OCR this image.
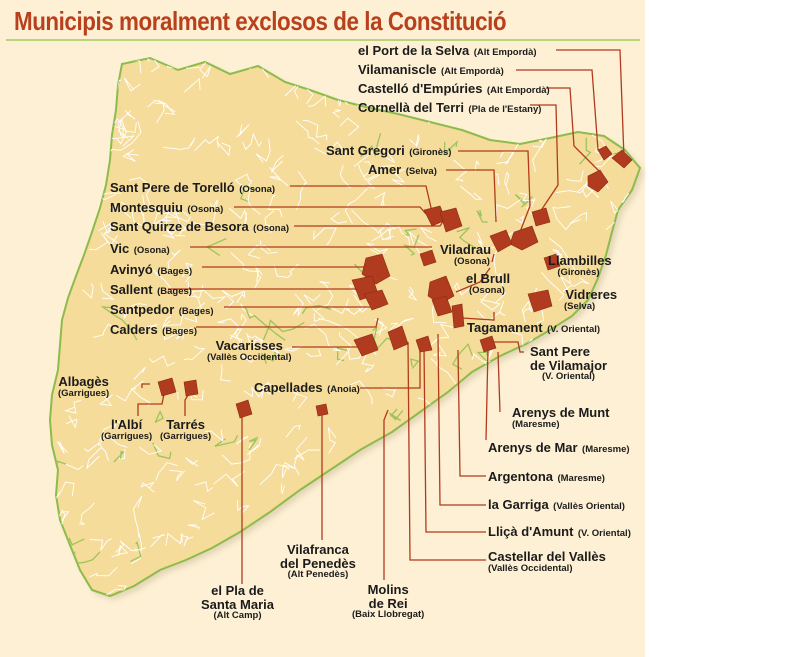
Municipis moralment exclosos de la Constitució
el Port de la Selva (Alt Empordà)
Vilamaniscle (Alt Empordà)
Castelló d'Empúries (Alt Empordà)
Cornellà del Terri (Pla de l'Estany)
Sant Gregori (Gironès)
Amer (Selva)
Sant Pere de Torelló (Osona)
Montesquiu (Osona)
Sant Quirze de Besora (Osona)
Vic (Osona)	Viladrau
(Osona)	Llambilles
(Gironès)
Avinyó (Bages)	el Brull
(Osona)
Sallent (Bages)	Vidreres
(Selva)
Santpedor (Bages)
Calders (Bages)	Tagamanent (V. Oriental)
Vacarisses
(Vallès Occidental)	Sant Pere
de Vilamajor
(V. Oriental)
Albagès
(Garrigues)	Capellades (Anoia)
Arenys de Munt
(Maresme)
l'Albí
(Garrigues)
Tarrés
(Garrigues)
Arenys de Mar (Maresme)
Argentona (Maresme)
la Garriga (Vallès Oriental)
Lliçà d'Amunt (V. Oriental)
Castellar del Vallès
(Vallès Occidental)
Vilafranca
del Penedès
(Alt Penedès)
Molins
de Rei
(Baix Llobregat)
el Pla de
Santa Maria
(Alt Camp)
